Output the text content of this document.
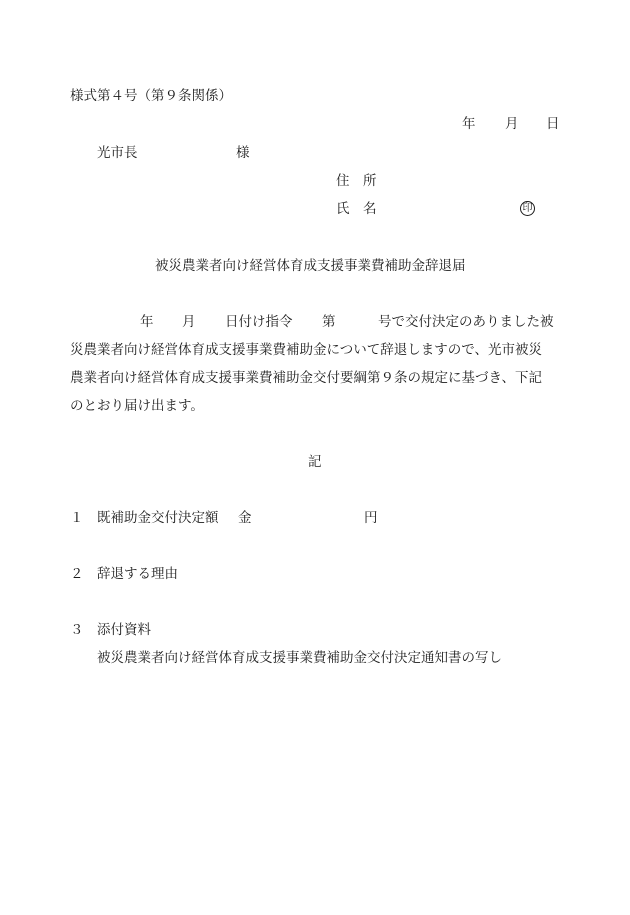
様式第４号（第９条関係）
年 月 日
光市長	様
住　所
氏　名	印
被災農業者向け経営体育成支援事業費補助金辞退届
年 月 日付け指令 第	号で交付決定のありました被
災農業者向け経営体育成支援事業費補助金について辞退しますので、光市被災
農業者向け経営体育成支援事業費補助金交付要綱第９条の規定に基づき、下記
のとおり届け出ます。
記
１ 既補助金交付決定額 金	円
２ 辞退する理由
３ 添付資料
被災農業者向け経営体育成支援事業費補助金交付決定通知書の写し
